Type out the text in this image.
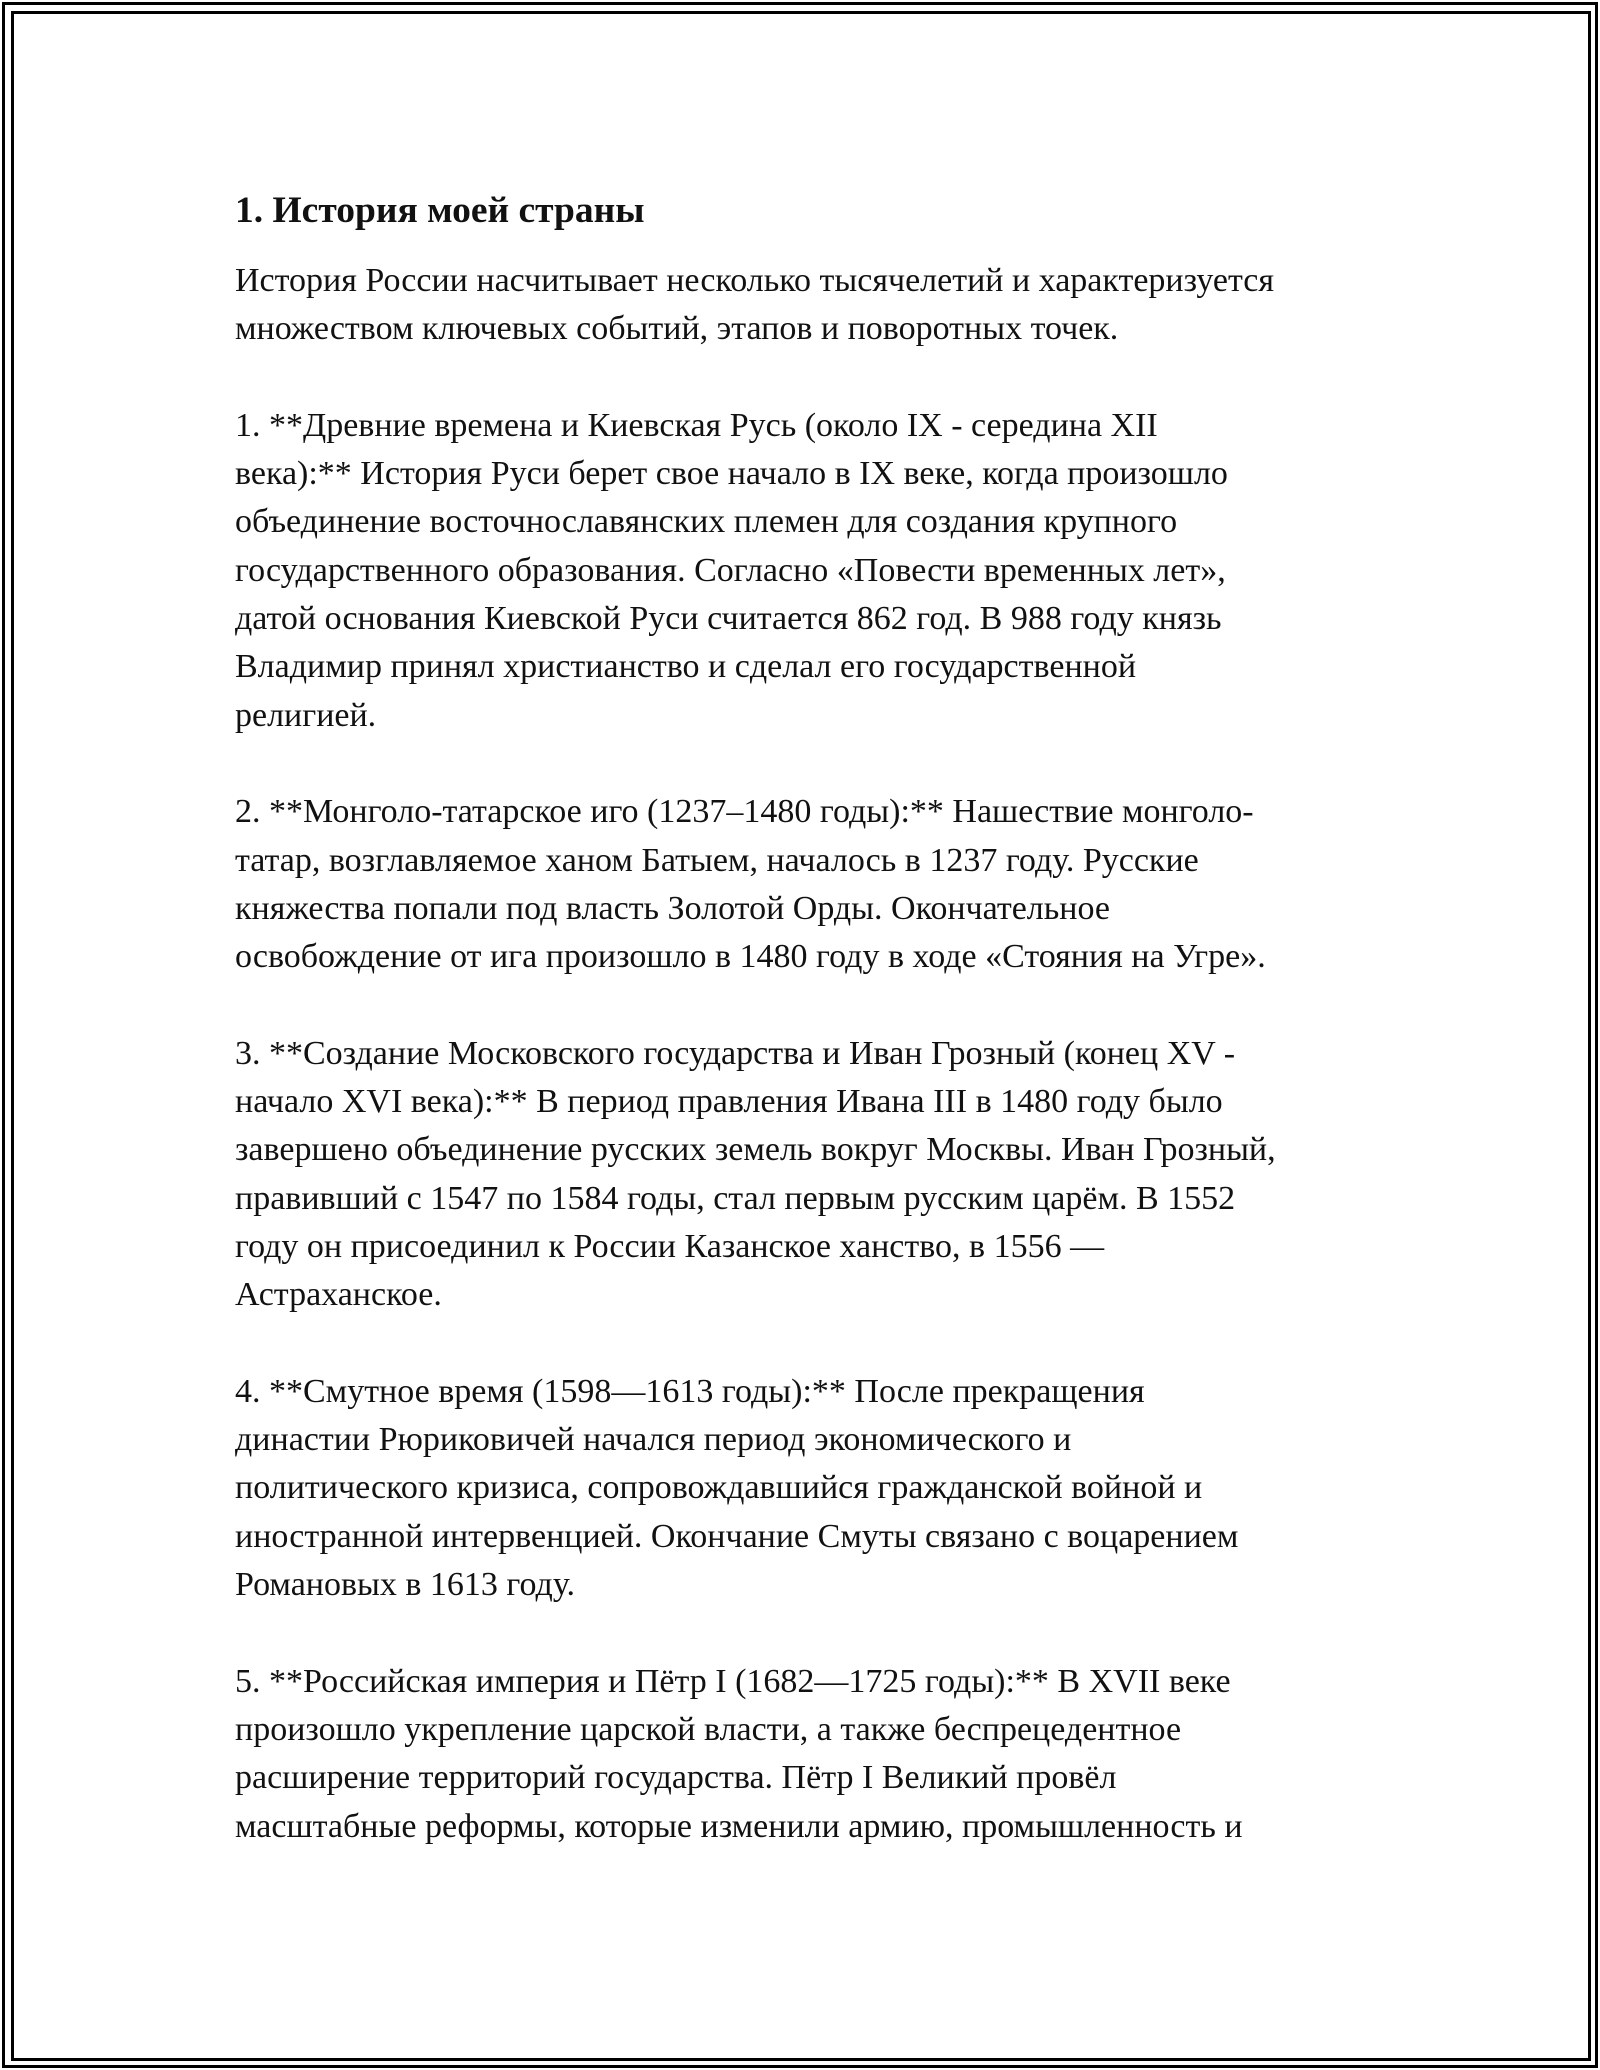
1. История моей страны
История России насчитывает несколько тысячелетий и характеризуется
множеством ключевых событий, этапов и поворотных точек.
1. **Древние времена и Киевская Русь (около IX - середина XII
века):** История Руси берет свое начало в IX веке, когда произошло
объединение восточнославянских племен для создания крупного
государственного образования. Согласно «Повести временных лет»,
датой основания Киевской Руси считается 862 год. В 988 году князь
Владимир принял христианство и сделал его государственной
религией.
2. **Монголо-татарское иго (1237–1480 годы):** Нашествие монголо-
татар, возглавляемое ханом Батыем, началось в 1237 году. Русские
княжества попали под власть Золотой Орды. Окончательное
освобождение от ига произошло в 1480 году в ходе «Стояния на Угре».
3. **Создание Московского государства и Иван Грозный (конец XV -
начало XVI века):** В период правления Ивана III в 1480 году было
завершено объединение русских земель вокруг Москвы. Иван Грозный,
правивший с 1547 по 1584 годы, стал первым русским царём. В 1552
году он присоединил к России Казанское ханство, в 1556 —
Астраханское.
4. **Смутное время (1598—1613 годы):** После прекращения
династии Рюриковичей начался период экономического и
политического кризиса, сопровождавшийся гражданской войной и
иностранной интервенцией. Окончание Смуты связано с воцарением
Романовых в 1613 году.
5. **Российская империя и Пётр I (1682—1725 годы):** В XVII веке
произошло укрепление царской власти, а также беспрецедентное
расширение территорий государства. Пётр I Великий провёл
масштабные реформы, которые изменили армию, промышленность и
